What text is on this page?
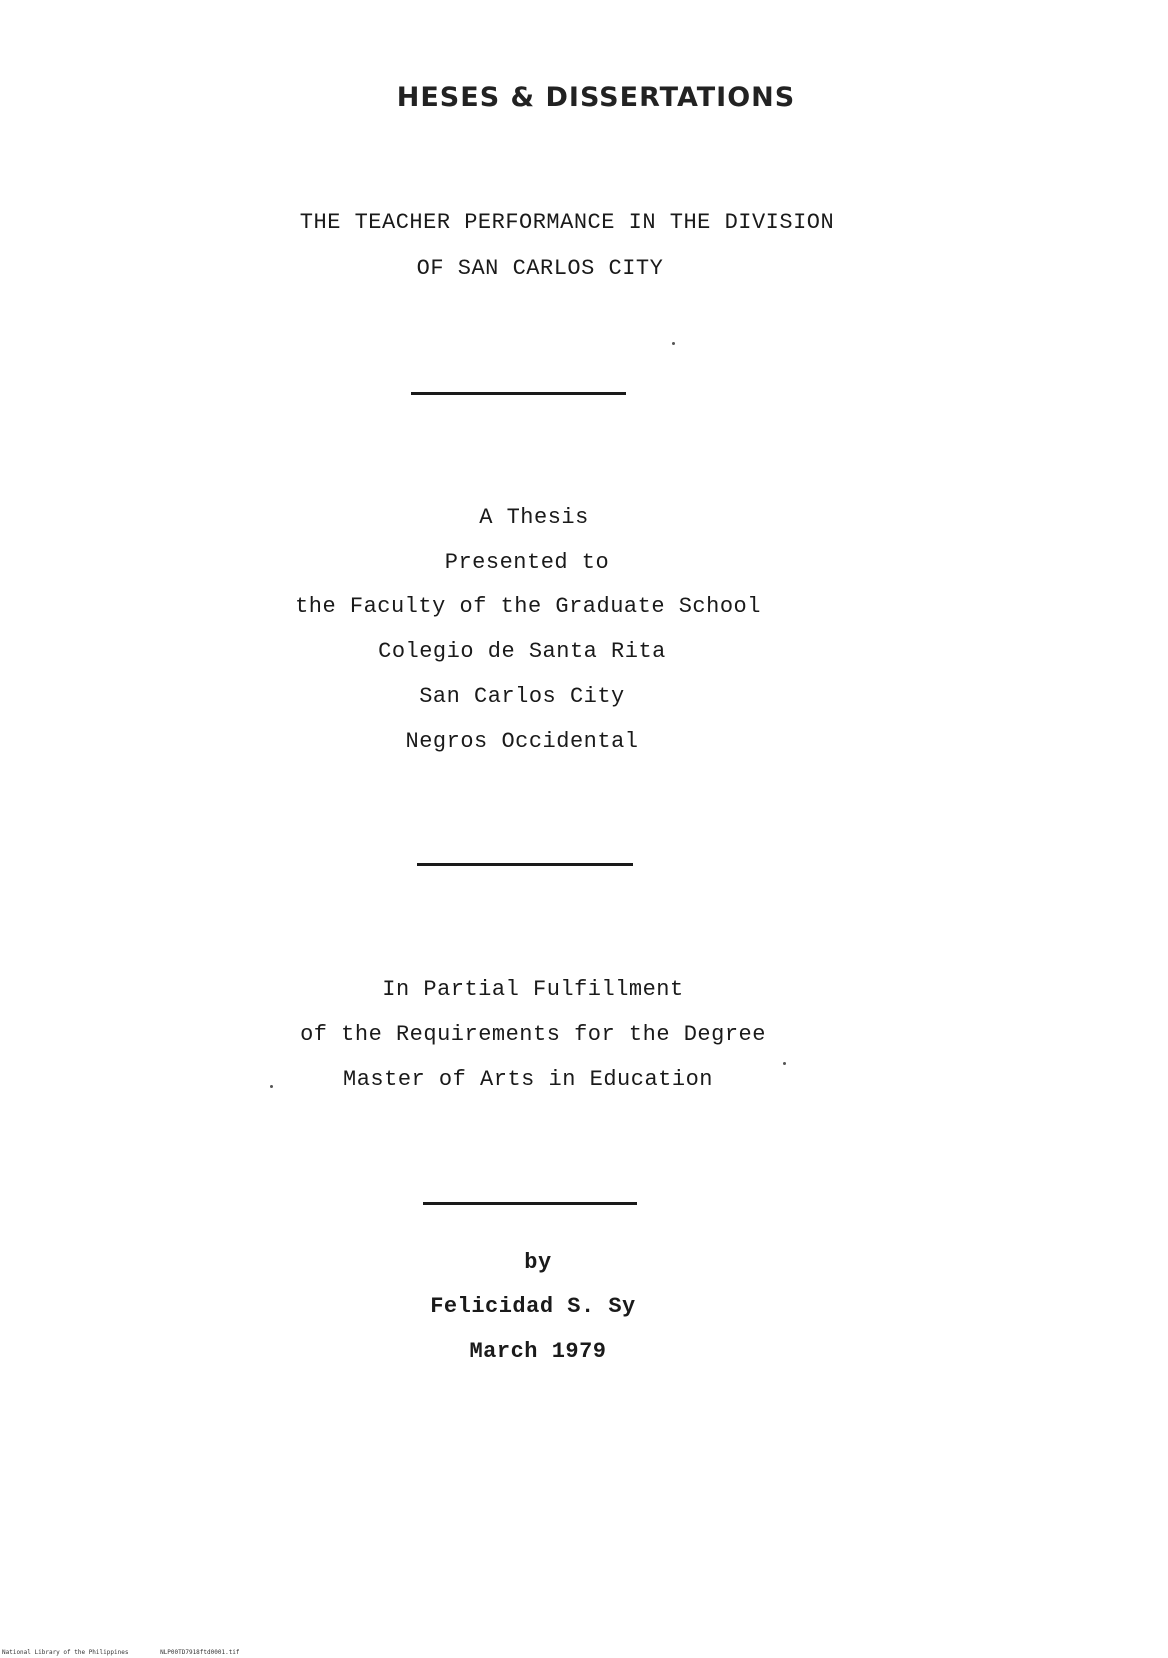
HESES & DISSERTATIONS
THE TEACHER PERFORMANCE IN THE DIVISION
OF SAN CARLOS CITY
A Thesis
Presented to
the Faculty of the Graduate School
Colegio de Santa Rita
San Carlos City
Negros Occidental
In Partial Fulfillment
of the Requirements for the Degree
Master of Arts in Education
by
Felicidad S. Sy
March 1979
National Library of the Philippines	NLP00TD7918ftd0001.tif
